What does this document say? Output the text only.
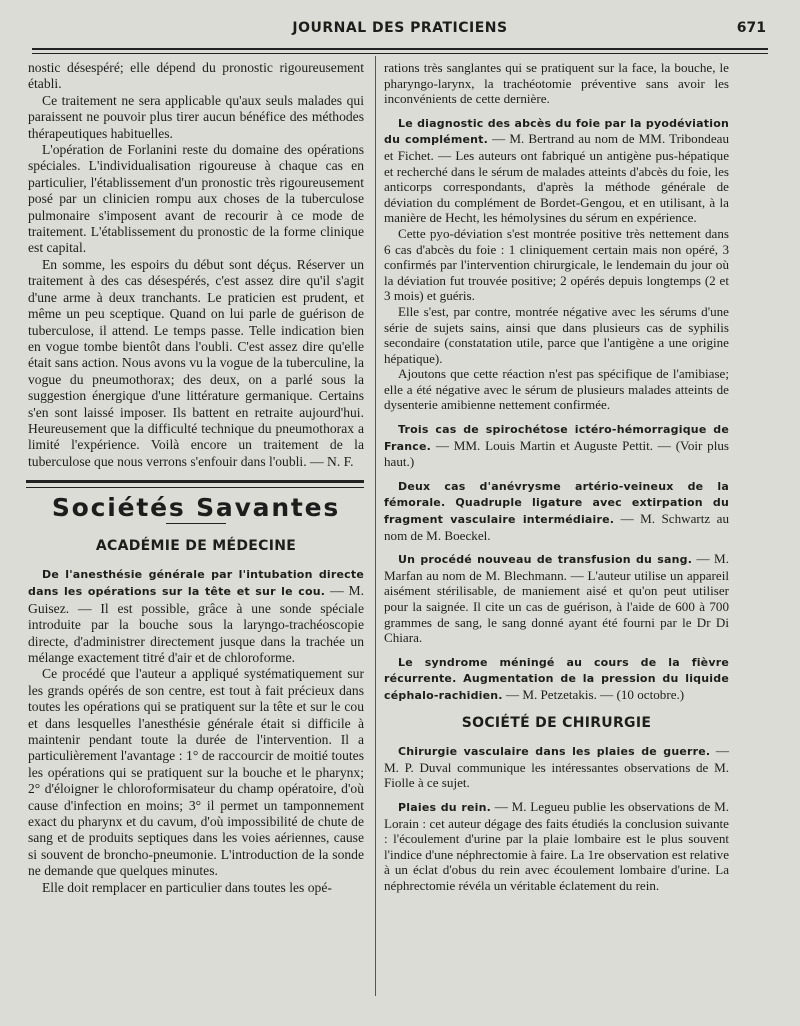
JOURNAL DES PRATICIENS	671

nostic désespéré; elle dépend du pronostic rigoureusement établi.

Ce traitement ne sera applicable qu'aux seuls malades qui paraissent ne pouvoir plus tirer aucun bénéfice des méthodes thérapeutiques habituelles.

L'opération de Forlanini reste du domaine des opérations spéciales. L'individualisation rigoureuse à chaque cas en particulier, l'établissement d'un pronostic très rigoureusement posé par un clinicien rompu aux choses de la tuberculose pulmonaire s'imposent avant de recourir à ce mode de traitement. L'établissement du pronostic de la forme clinique est capital.

En somme, les espoirs du début sont déçus. Réserver un traitement à des cas désespérés, c'est assez dire qu'il s'agit d'une arme à deux tranchants. Le praticien est prudent, et même un peu sceptique. Quand on lui parle de guérison de tuberculose, il attend. Le temps passe. Telle indication bien en vogue tombe bientôt dans l'oubli. C'est assez dire qu'elle était sans action. Nous avons vu la vogue de la tuberculine, la vogue du pneumothorax; des deux, on a parlé sous la suggestion énergique d'une littérature germanique. Certains s'en sont laissé imposer. Ils battent en retraite aujourd'hui. Heureusement que la difficulté technique du pneumothorax a limité l'expérience. Voilà encore un traitement de la tuberculose que nous verrons s'enfouir dans l'oubli. — N. F.

Sociétés Savantes
ACADÉMIE DE MÉDECINE

De l'anesthésie générale par l'intubation directe dans les opérations sur la tête et sur le cou. — M. Guisez. — Il est possible, grâce à une sonde spéciale introduite par la bouche sous la laryngo-trachéoscopie directe, d'administrer directement jusque dans la trachée un mélange exactement titré d'air et de chloroforme.

Ce procédé que l'auteur a appliqué systématiquement sur les grands opérés de son centre, est tout à fait précieux dans toutes les opérations qui se pratiquent sur la tête et sur le cou et dans lesquelles l'anesthésie générale était si difficile à maintenir pendant toute la durée de l'intervention. Il a particulièrement l'avantage : 1° de raccourcir de moitié toutes les opérations qui se pratiquent sur la bouche et le pharynx; 2° d'éloigner le chloroformisateur du champ opératoire, d'où cause d'infection en moins; 3° il permet un tamponnement exact du pharynx et du cavum, d'où impossibilité de chute de sang et de produits septiques dans les voies aériennes, cause si souvent de broncho-pneumonie. L'introduction de la sonde ne demande que quelques minutes.

Elle doit remplacer en particulier dans toutes les opé-

rations très sanglantes qui se pratiquent sur la face, la bouche, le pharyngo-larynx, la trachéotomie préventive sans avoir les inconvénients de cette dernière.

Le diagnostic des abcès du foie par la pyodéviation du complément. — M. Bertrand au nom de MM. Tribondeau et Fichet. — Les auteurs ont fabriqué un antigène pus-hépatique et recherché dans le sérum de malades atteints d'abcès du foie, les anticorps correspondants, d'après la méthode générale de déviation du complément de Bordet-Gengou, et en utilisant, à la manière de Hecht, les hémolysines du sérum en expérience.

Cette pyo-déviation s'est montrée positive très nettement dans 6 cas d'abcès du foie : 1 cliniquement certain mais non opéré, 3 confirmés par l'intervention chirurgicale, le lendemain du jour où la déviation fut trouvée positive; 2 opérés depuis longtemps (2 et 3 mois) et guéris.

Elle s'est, par contre, montrée négative avec les sérums d'une série de sujets sains, ainsi que dans plusieurs cas de syphilis secondaire (constatation utile, parce que l'antigène a une origine hépatique).

Ajoutons que cette réaction n'est pas spécifique de l'amibiase; elle a été négative avec le sérum de plusieurs malades atteints de dysenterie amibienne nettement confirmée.

Trois cas de spirochétose ictéro-hémorragique de France. — MM. Louis Martin et Auguste Pettit. — (Voir plus haut.)

Deux cas d'anévrysme artério-veineux de la fémorale. Quadruple ligature avec extirpation du fragment vasculaire intermédiaire. — M. Schwartz au nom de M. Boeckel.

Un procédé nouveau de transfusion du sang. — M. Marfan au nom de M. Blechmann. — L'auteur utilise un appareil aisément stérilisable, de maniement aisé et qu'on peut utiliser pour la saignée. Il cite un cas de guérison, à l'aide de 600 à 700 grammes de sang, le sang donné ayant été fourni par le Dr Di Chiara.

Le syndrome méningé au cours de la fièvre récurrente. Augmentation de la pression du liquide céphalo-rachidien. — M. Petzetakis. — (10 octobre.)

SOCIÉTÉ DE CHIRURGIE

Chirurgie vasculaire dans les plaies de guerre. — M. P. Duval communique les intéressantes observations de M. Fiolle à ce sujet.

Plaies du rein. — M. Legueu publie les observations de M. Lorain : cet auteur dégage des faits étudiés la conclusion suivante : l'écoulement d'urine par la plaie lombaire est le plus souvent l'indice d'une néphrectomie à faire. La 1re observation est relative à un éclat d'obus du rein avec écoulement lombaire d'urine. La néphrectomie révéla un véritable éclatement du rein.
